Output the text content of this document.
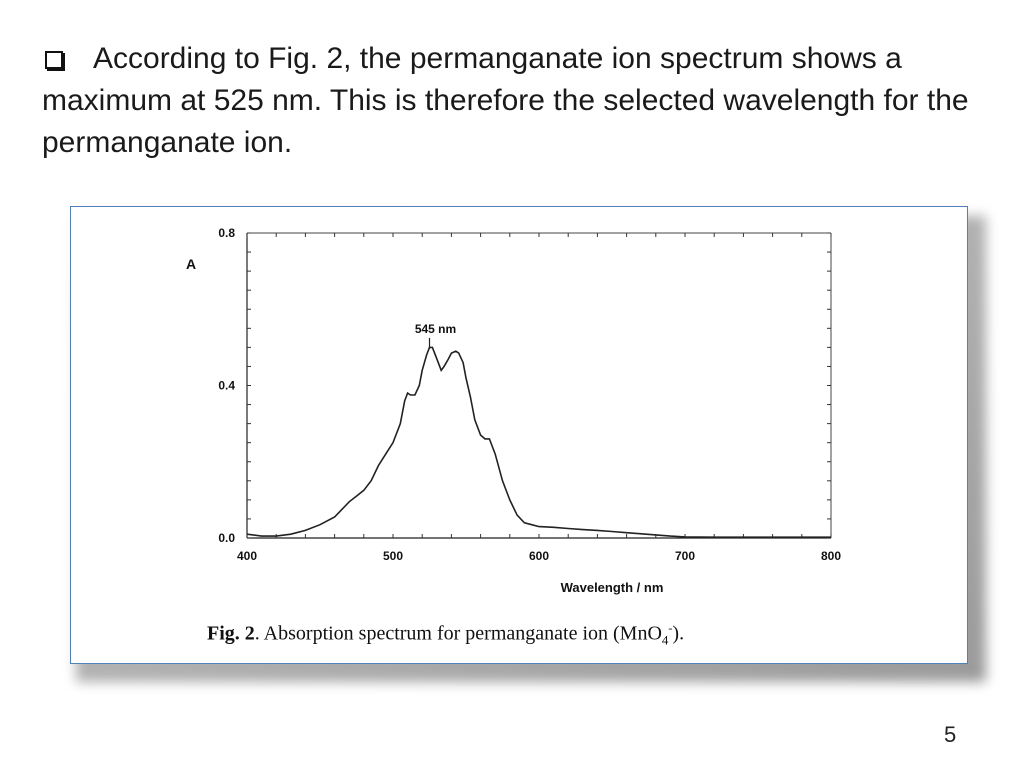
According to Fig. 2, the permanganate ion spectrum shows a maximum at 525 nm. This is therefore the selected wavelength for the permanganate ion.
400	500	600	700	800
0.0
0.4
0.8
A
Wavelength / nm
545 nm
Fig. 2. Absorption spectrum for permanganate ion (MnO$_4$-).
5
